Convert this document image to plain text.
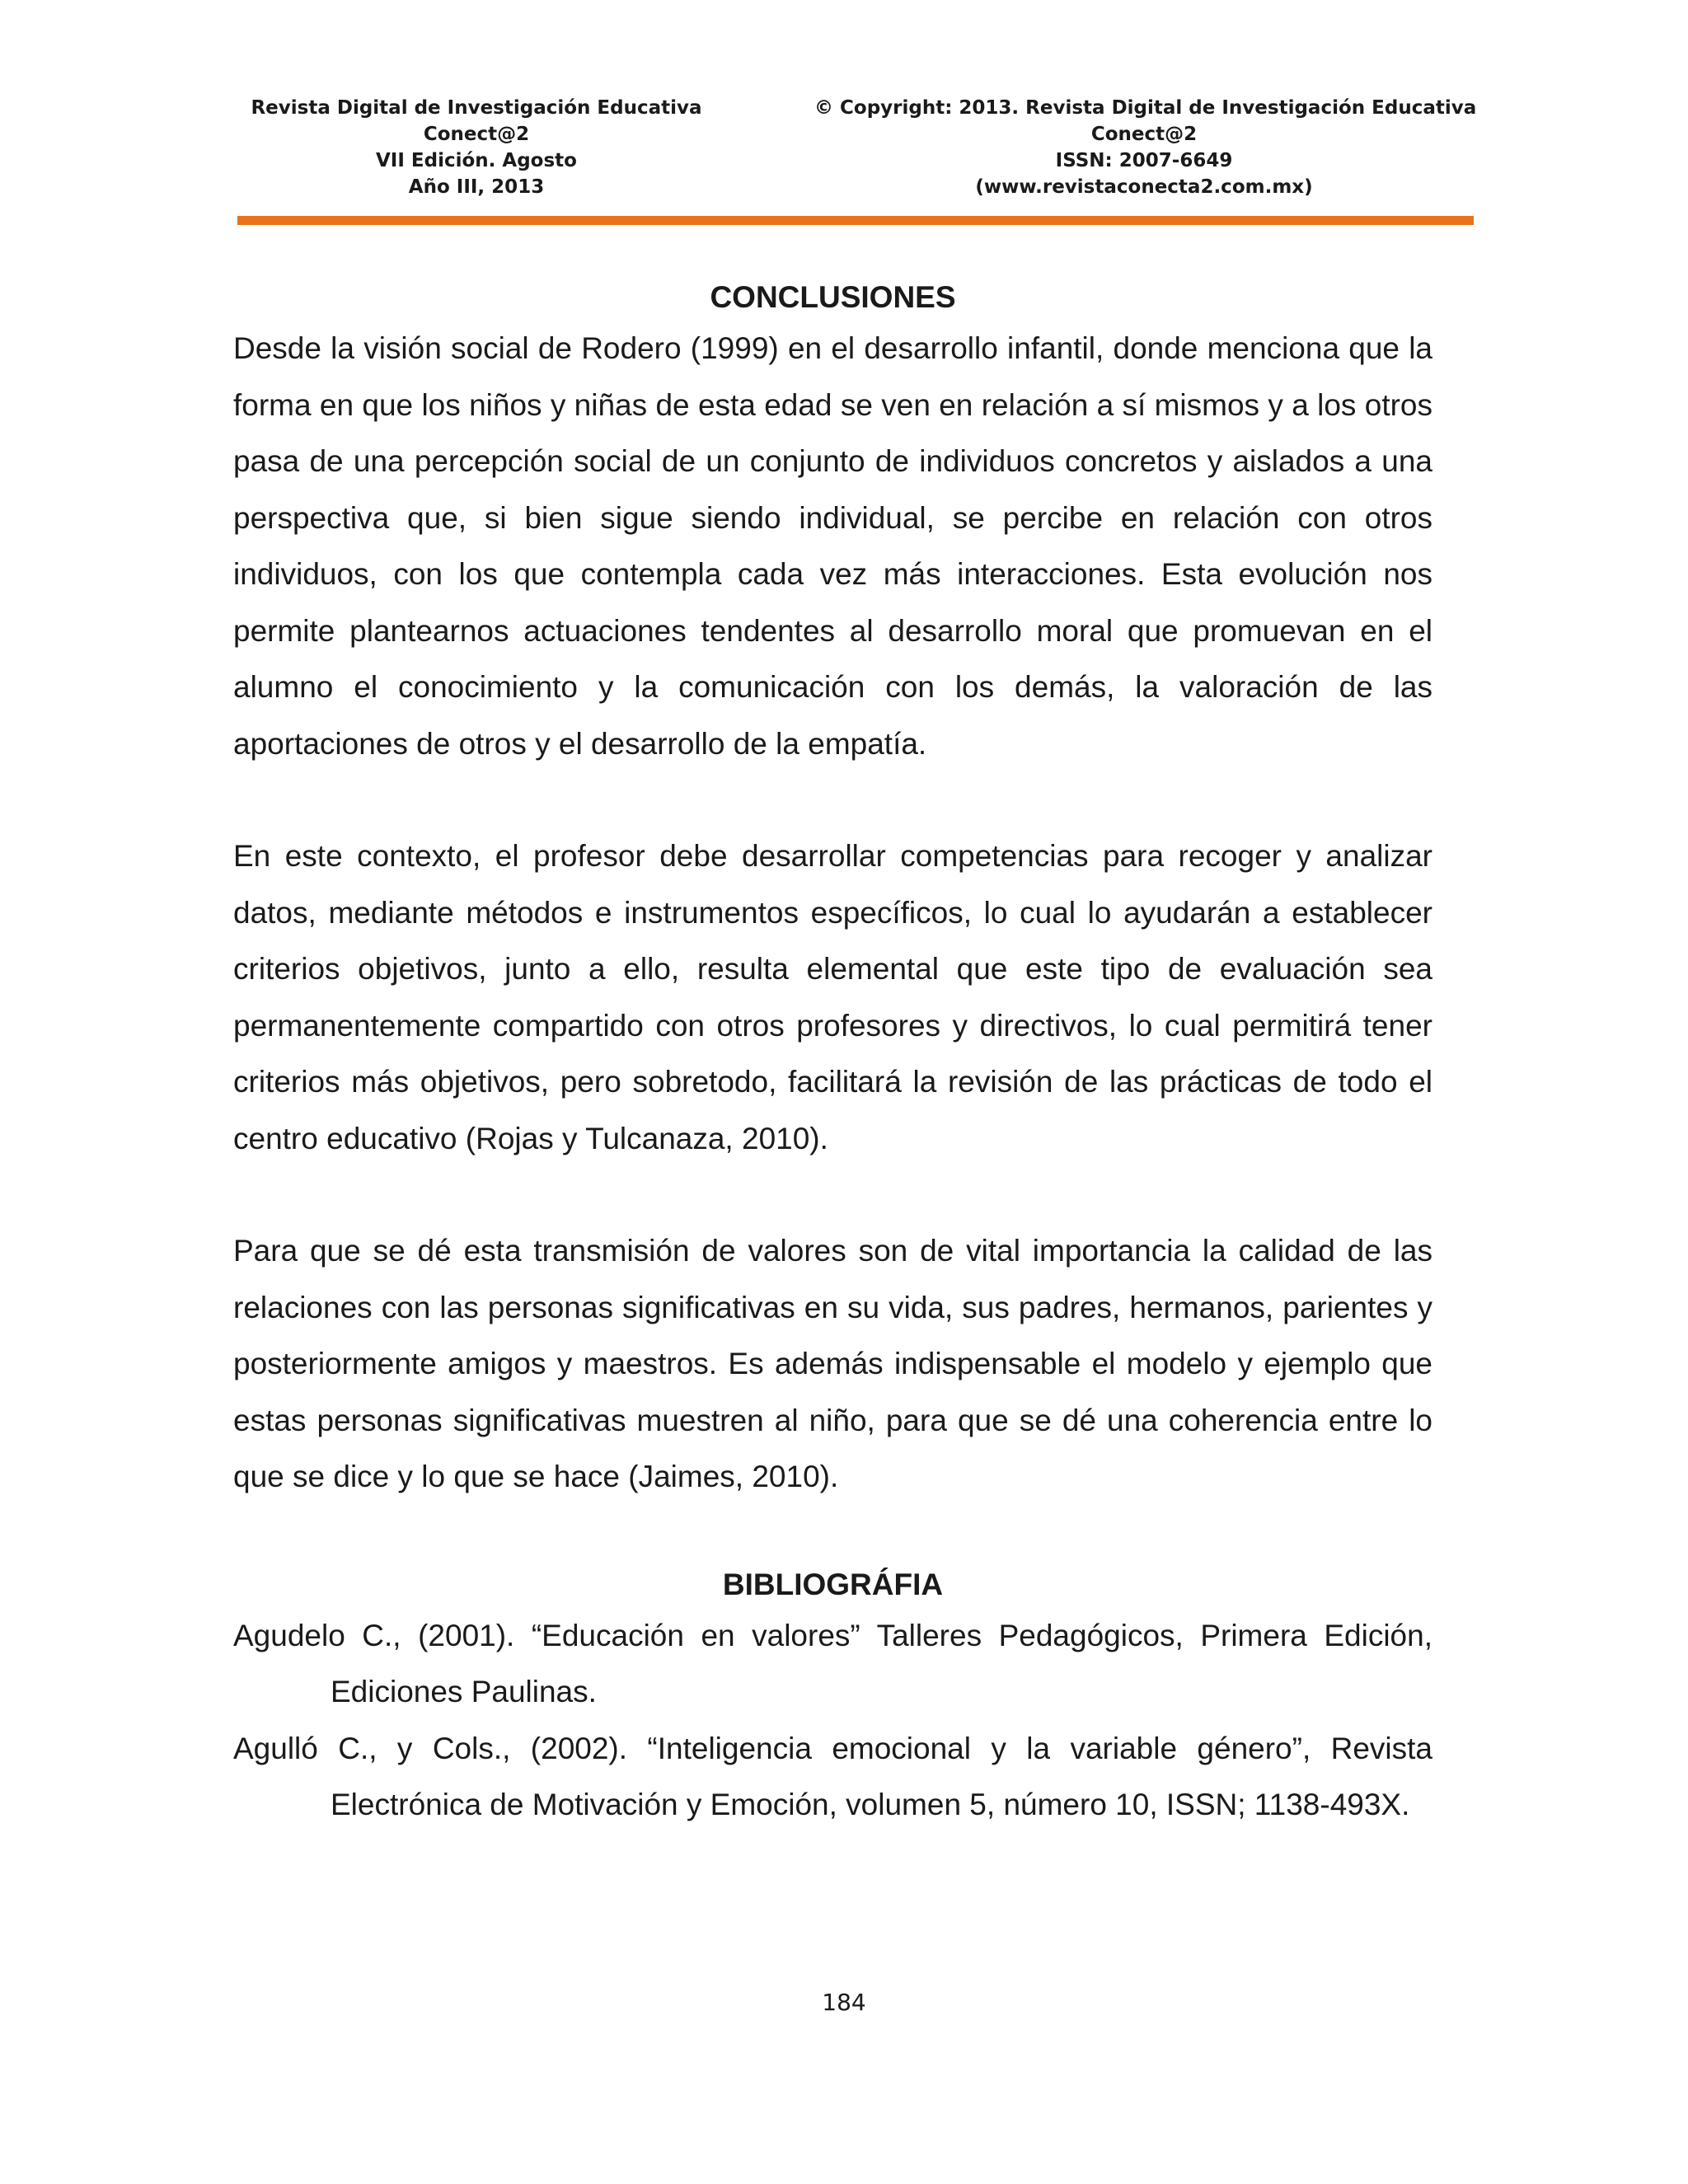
Revista Digital de Investigación Educativa
Conect@2
VII Edición. Agosto
Año III, 2013
© Copyright: 2013. Revista Digital de Investigación Educativa
Conect@2
ISSN: 2007-6649
(www.revistaconecta2.com.mx)
CONCLUSIONES

Desde la visión social de Rodero (1999) en el desarrollo infantil, donde menciona que la forma en que los niños y niñas de esta edad se ven en relación a sí mismos y a los otros pasa de una percepción social de un conjunto de individuos concretos y aislados a una perspectiva que, si bien sigue siendo individual, se percibe en relación con otros individuos, con los que contempla cada vez más interacciones. Esta evolución nos permite plantearnos actuaciones tendentes al desarrollo moral que promuevan en el alumno el conocimiento y la comunicación con los demás, la valoración de las aportaciones de otros y el desarrollo de la empatía.

En este contexto, el profesor debe desarrollar competencias para recoger y analizar datos, mediante métodos e instrumentos específicos, lo cual lo ayudarán a establecer criterios objetivos, junto a ello, resulta elemental que este tipo de evaluación sea permanentemente compartido con otros profesores y directivos, lo cual permitirá tener criterios más objetivos, pero sobretodo, facilitará la revisión de las prácticas de todo el centro educativo (Rojas y Tulcanaza, 2010).

Para que se dé esta transmisión de valores son de vital importancia la calidad de las relaciones con las personas significativas en su vida, sus padres, hermanos, parientes y posteriormente amigos y maestros. Es además indispensable el modelo y ejemplo que estas personas significativas muestren al niño, para que se dé una coherencia entre lo que se dice y lo que se hace (Jaimes, 2010).

BIBLIOGRÁFIA

Agudelo C., (2001). “Educación en valores” Talleres Pedagógicos, Primera Edición, Ediciones Paulinas.

Agulló C., y Cols., (2002). “Inteligencia emocional y la variable género”, Revista Electrónica de Motivación y Emoción, volumen 5, número 10, ISSN; 1138-493X.

184
